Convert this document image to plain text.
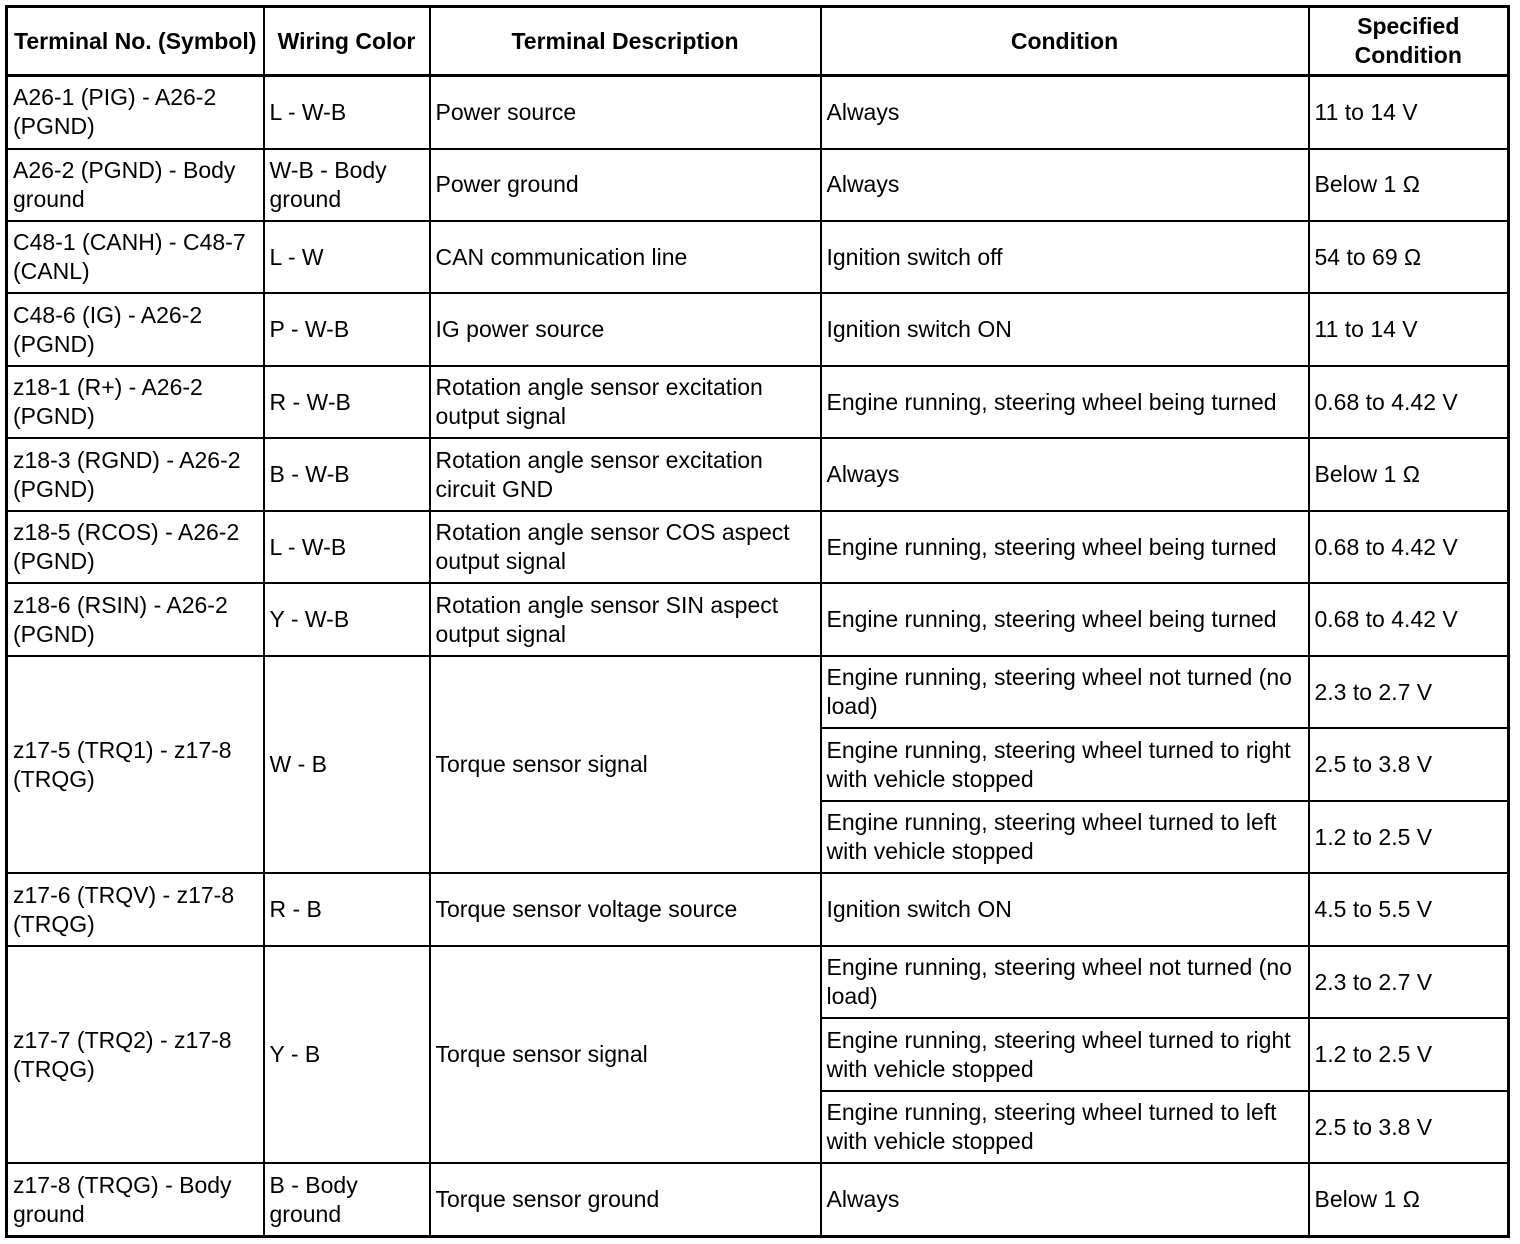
Terminal No. (Symbol)	Wiring Color	Terminal Description	Condition	Specified Condition
A26-1 (PIG) - A26-2 (PGND)	L - W-B	Power source	Always	11 to 14 V
A26-2 (PGND) - Body ground	W-B - Body ground	Power ground	Always	Below 1 Ω
C48-1 (CANH) - C48-7 (CANL)	L - W	CAN communication line	Ignition switch off	54 to 69 Ω
C48-6 (IG) - A26-2 (PGND)	P - W-B	IG power source	Ignition switch ON	11 to 14 V
z18-1 (R+) - A26-2 (PGND)	R - W-B	Rotation angle sensor excitation output signal	Engine running, steering wheel being turned	0.68 to 4.42 V
z18-3 (RGND) - A26-2 (PGND)	B - W-B	Rotation angle sensor excitation circuit GND	Always	Below 1 Ω
z18-5 (RCOS) - A26-2 (PGND)	L - W-B	Rotation angle sensor COS aspect output signal	Engine running, steering wheel being turned	0.68 to 4.42 V
z18-6 (RSIN) - A26-2 (PGND)	Y - W-B	Rotation angle sensor SIN aspect output signal	Engine running, steering wheel being turned	0.68 to 4.42 V
z17-5 (TRQ1) - z17-8 (TRQG)	W - B	Torque sensor signal	Engine running, steering wheel not turned (no load)	2.3 to 2.7 V
			Engine running, steering wheel turned to right with vehicle stopped	2.5 to 3.8 V
			Engine running, steering wheel turned to left with vehicle stopped	1.2 to 2.5 V
z17-6 (TRQV) - z17-8 (TRQG)	R - B	Torque sensor voltage source	Ignition switch ON	4.5 to 5.5 V
z17-7 (TRQ2) - z17-8 (TRQG)	Y - B	Torque sensor signal	Engine running, steering wheel not turned (no load)	2.3 to 2.7 V
			Engine running, steering wheel turned to right with vehicle stopped	1.2 to 2.5 V
			Engine running, steering wheel turned to left with vehicle stopped	2.5 to 3.8 V
z17-8 (TRQG) - Body ground	B - Body ground	Torque sensor ground	Always	Below 1 Ω
